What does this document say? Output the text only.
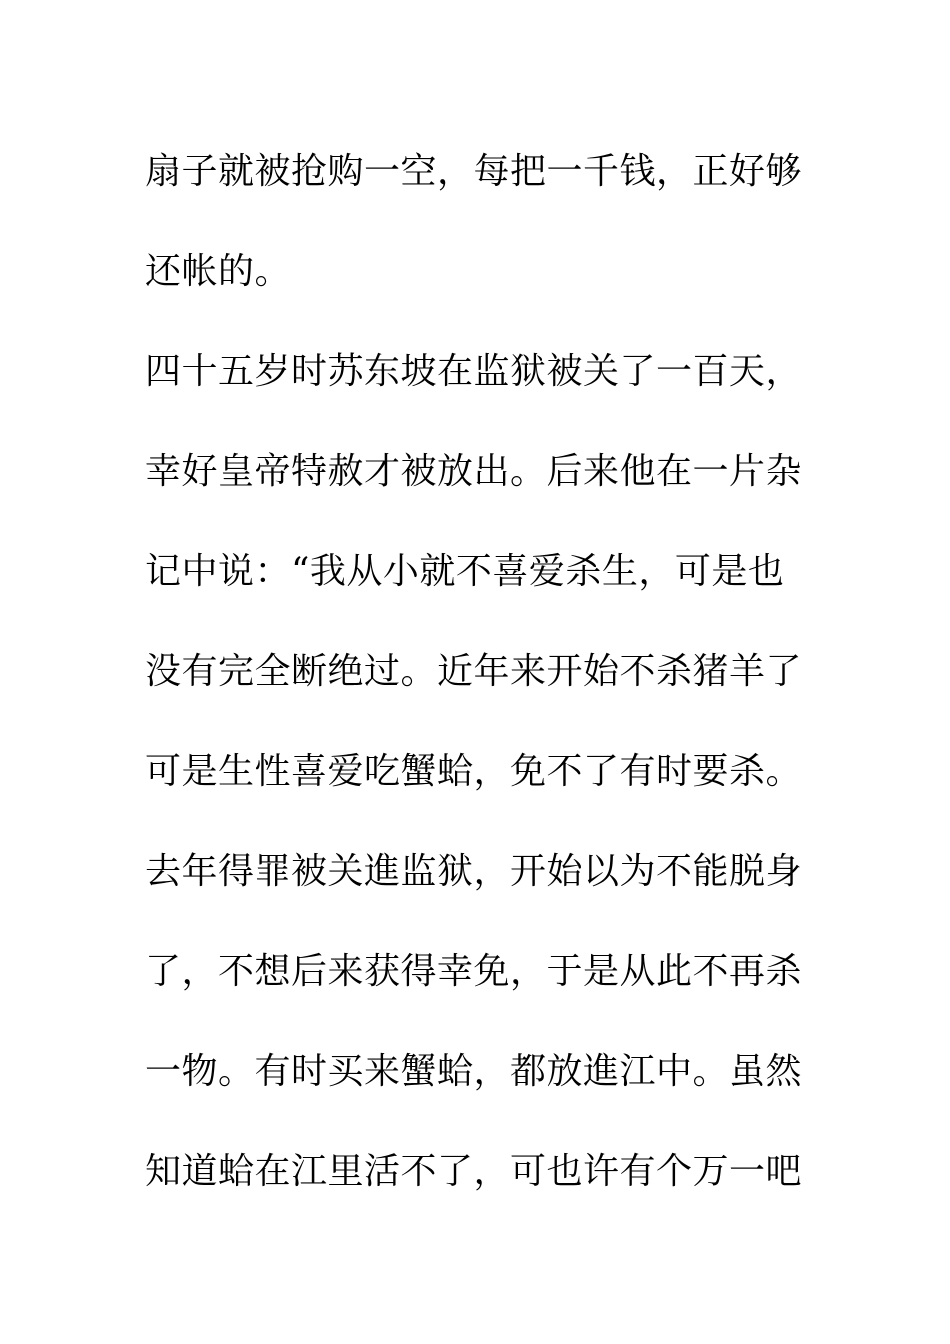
扇子就被抢购一空，每把一千钱，正好够
还帐的。
四十五岁时苏东坡在监狱被关了一百天，
幸好皇帝特赦才被放出。后来他在一片杂
记中说：“我从小就不喜爱杀生，可是也
没有完全断绝过。近年来开始不杀猪羊了
可是生性喜爱吃蟹蛤，免不了有时要杀。
去年得罪被关進监狱，开始以为不能脱身
了，不想后来获得幸免，于是从此不再杀
一物。有时买来蟹蛤，都放進江中。虽然
知道蛤在江里活不了，可也许有个万一吧
